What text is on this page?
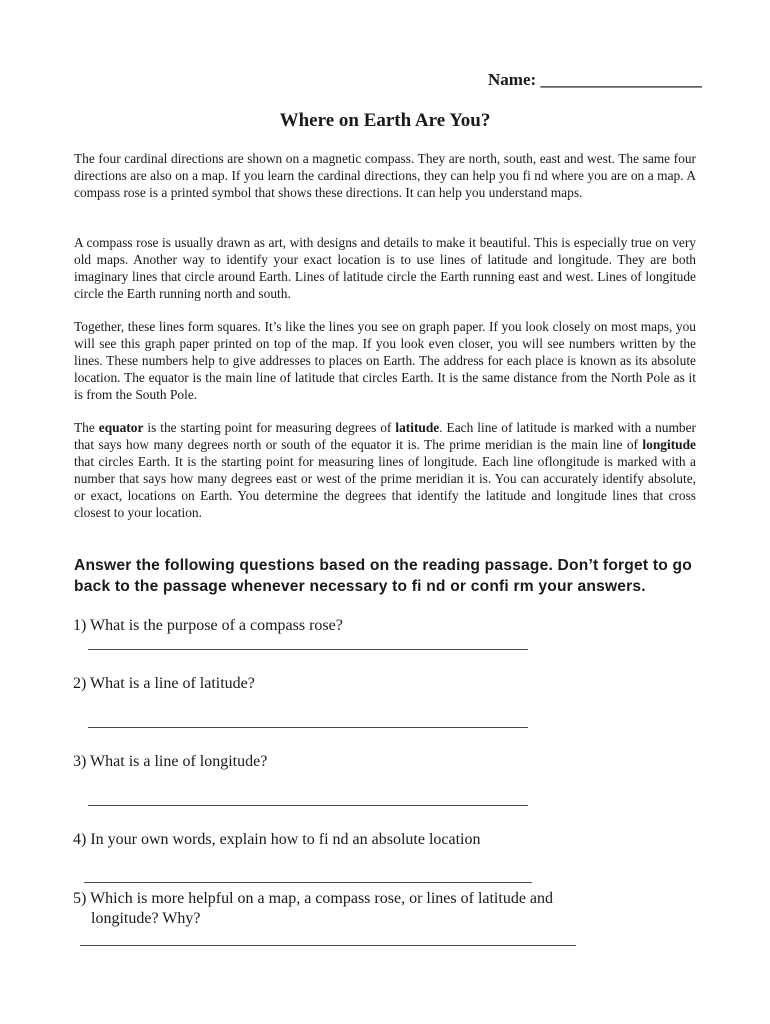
Name: ___________________
Where on Earth Are You?

The four cardinal directions are shown on a magnetic compass. They are north, south, east and west. The same four directions are also on a map. If you learn the cardinal directions, they can help you fi nd where you are on a map. A compass rose is a printed symbol that shows these directions. It can help you understand maps.

A compass rose is usually drawn as art, with designs and details to make it beautiful. This is especially true on very old maps. Another way to identify your exact location is to use lines of latitude and longitude. They are both imaginary lines that circle around Earth. Lines of latitude circle the Earth running east and west. Lines of longitude circle the Earth running north and south.

Together, these lines form squares. It’s like the lines you see on graph paper. If you look closely on most maps, you will see this graph paper printed on top of the map. If you look even closer, you will see numbers written by the lines. These numbers help to give addresses to places on Earth. The address for each place is known as its absolute location. The equator is the main line of latitude that circles Earth. It is the same distance from the North Pole as it is from the South Pole.

The equator is the starting point for measuring degrees of latitude. Each line of latitude is marked with a number that says how many degrees north or south of the equator it is. The prime meridian is the main line of longitude that circles Earth. It is the starting point for measuring lines of longitude. Each line oflongitude is marked with a number that says how many degrees east or west of the prime meridian it is. You can accurately identify absolute, or exact, locations on Earth. You determine the degrees that identify the latitude and longitude lines that cross closest to your location.

Answer the following questions based on the reading passage. Don’t forget to go back to the passage whenever necessary to fi nd or confi rm your answers.
1) What is the purpose of a compass rose?
_______________________________________________________
2) What is a line of latitude?
_______________________________________________________
3) What is a line of longitude?
_______________________________________________________
4) In your own words, explain how to fi nd an absolute location
________________________________________________________
5) Which is more helpful on a map, a compass rose, or lines of latitude and
longitude? Why?
______________________________________________________________
